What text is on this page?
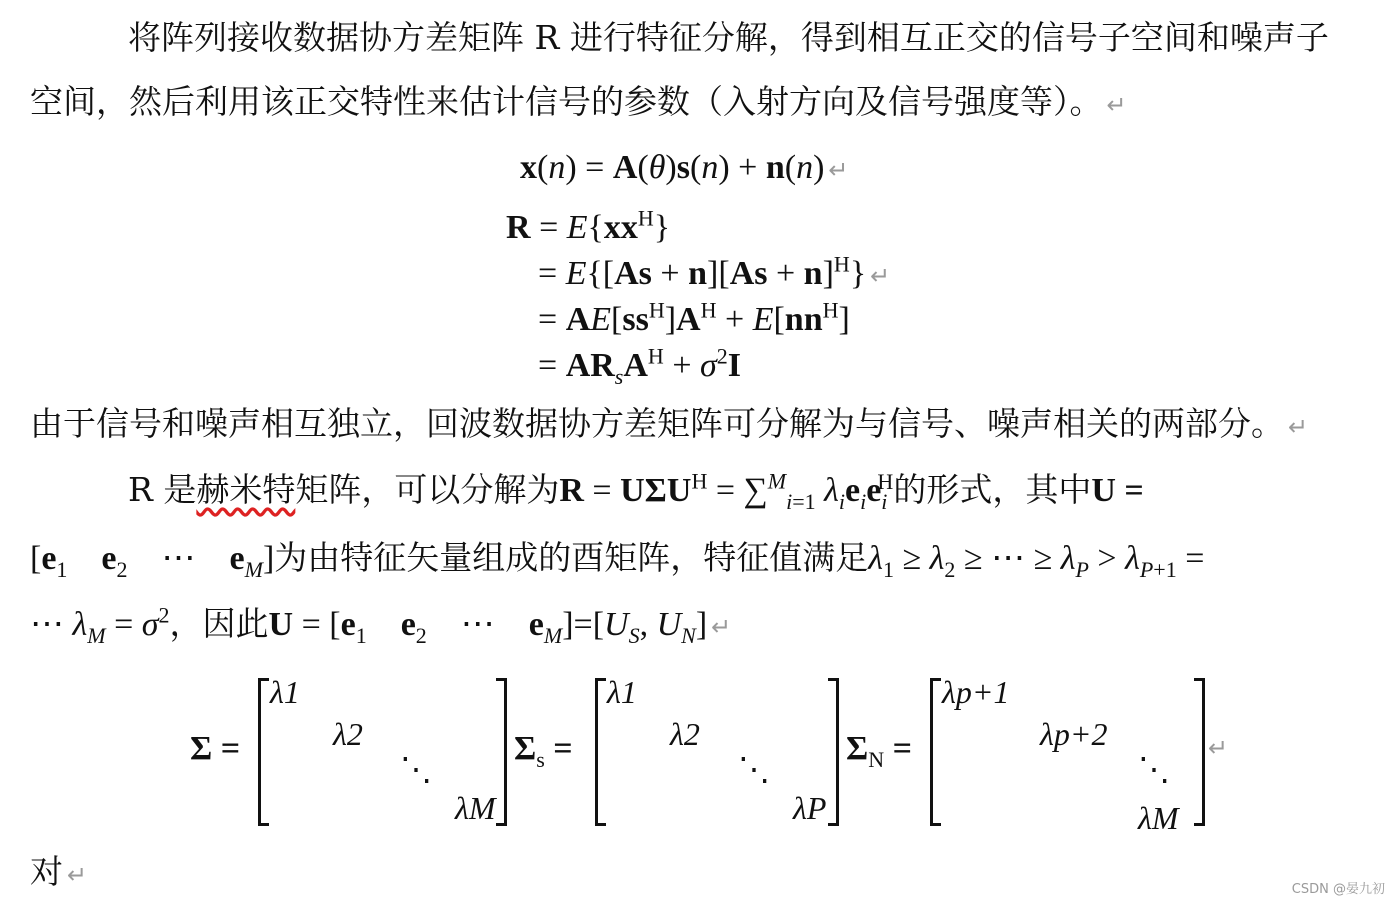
将阵列接收数据协方差矩阵 R 进行特征分解，得到相互正交的信号子空间和噪声子
空间，然后利用该正交特性来估计信号的参数（入射方向及信号强度等）。 ↵
x(n) = A(θ)s(n) + n(n) ↵
$R = E\{xx^H\}$
= $E\{[As + n][As + n]^H\}$ ↵
= $AE[ss^H]A^H + E[nn^H]$
= $AR_sA^H + \sigma^2I$
由于信号和噪声相互独立，回波数据协方差矩阵可分解为与信号、噪声相关的两部分。 ↵
R 是赫米特矩阵，可以分解为$R = U\Sigma U^H = \sum^M_{i=1}$ $\lambda_ie_ie_i^H$的形式，其中U =
[$e_1$ $e_2$    ⋯    $e_M$]为由特征矢量组成的酉矩阵，特征值满足$\lambda_1 \ge \lambda_2$ ≥ ⋯ ≥ $\lambda_P > \lambda_{P+1}$ =
⋯ $\lambda_M = \sigma^2$，因此$U = [e_1$ $e_2$    ⋯    $e_M]=[U_S$, $U_N$] ↵
Σ =
λ1
λ2
⋱
λM
$\Sigma_s$ =
λ1
λ2
⋱
λP
$\Sigma_N$ =
λp+1
λp+2
⋱
λM
↵
对 ↵
CSDN @晏九初
